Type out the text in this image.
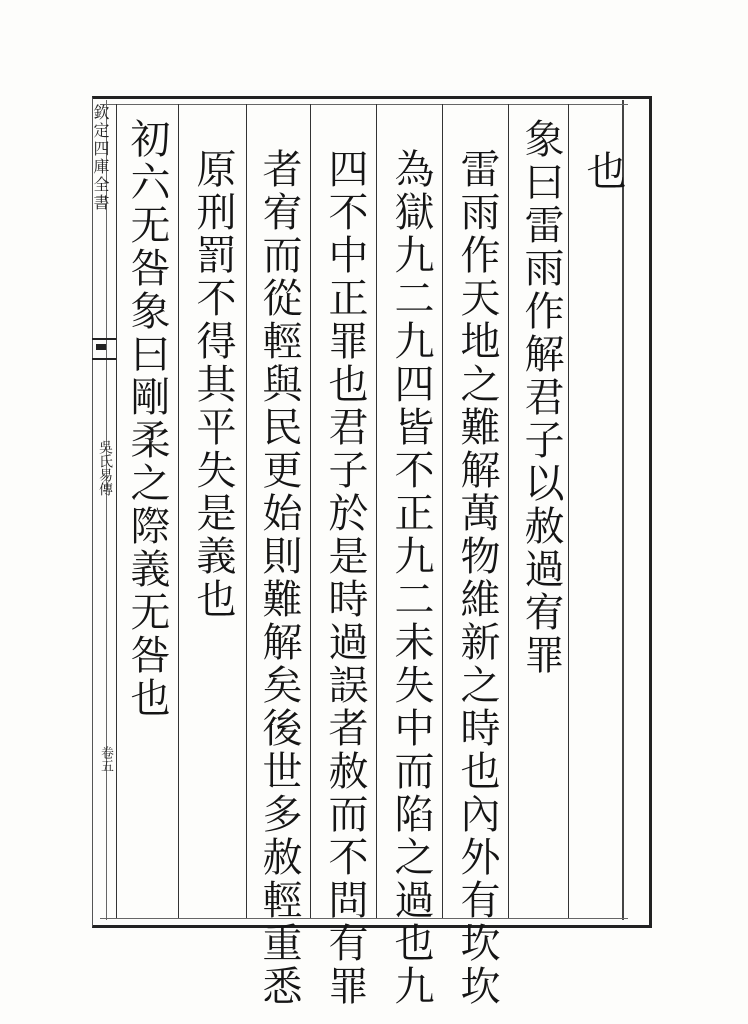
欽定四庫全書
吳氏易傳
卷五
也
象曰雷雨作解君子以赦過宥罪
雷雨作天地之難解萬物維新之時也內外有坎坎
為獄九二九四皆不正九二未失中而陷之過也九
四不中正罪也君子於是時過誤者赦而不問有罪
者宥而從輕與民更始則難解矣後世多赦輕重悉
原刑罰不得其平失是義也
初六无咎象曰剛柔之際義无咎也
